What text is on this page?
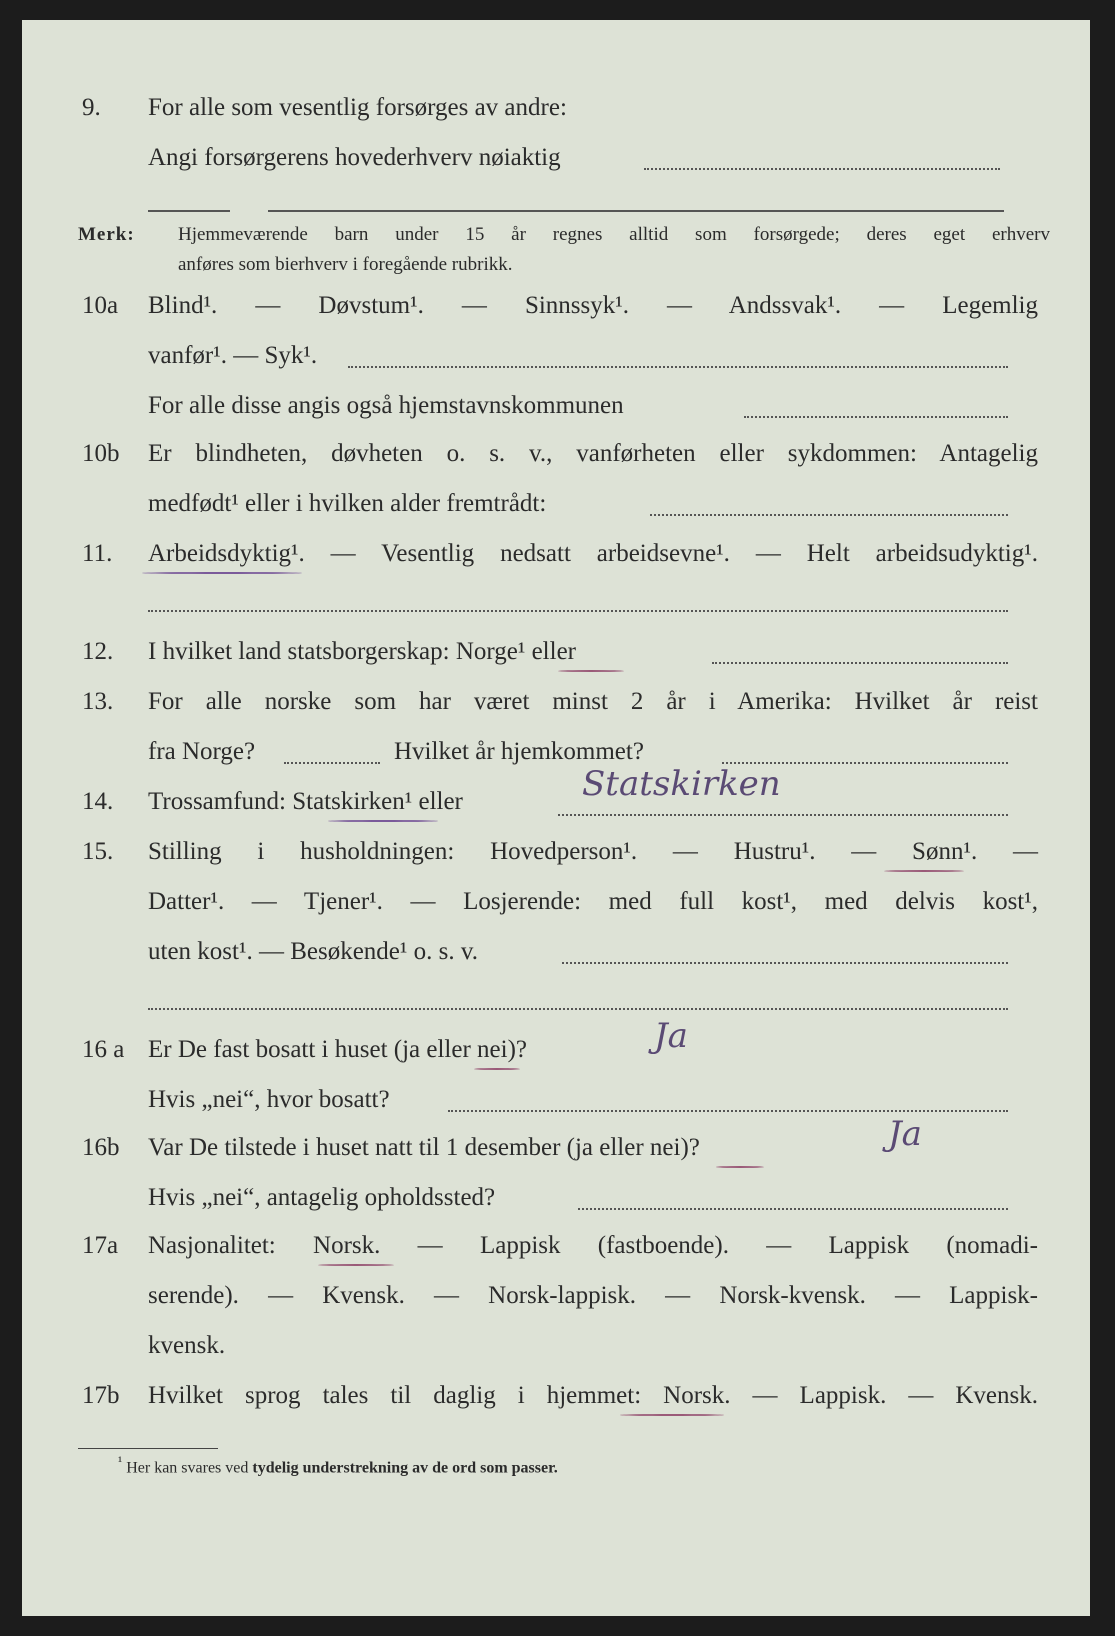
9. For alle som vesentlig forsørges av andre:
Angi forsørgerens hovederhverv nøiaktig
Merk: Hjemmeværende barn under 15 år regnes alltid som forsørgede; deres eget erhverv
anføres som bierhverv i foregående rubrikk.
10a Blind¹. — Døvstum¹. — Sinnssyk¹. — Andssvak¹. — Legemlig
vanfør¹. — Syk¹.
For alle disse angis også hjemstavnskommunen
10b Er blindheten, døvheten o. s. v., vanførheten eller sykdommen: Antagelig
medfødt¹ eller i hvilken alder fremtrådt:
11. Arbeidsdyktig¹. — Vesentlig nedsatt arbeidsevne¹. — Helt arbeidsudyktig¹.
12. I hvilket land statsborgerskap: Norge¹ eller
13. For alle norske som har været minst 2 år i Amerika: Hvilket år reist
fra Norge?	Hvilket år hjemkommet?
14. Trossamfund: Statskirken¹ eller	Statskirken
15. Stilling i husholdningen: Hovedperson¹. — Hustru¹. — Sønn¹. —
Datter¹. — Tjener¹. — Losjerende: med full kost¹, med delvis kost¹,
uten kost¹. — Besøkende¹ o. s. v.
16 a Er De fast bosatt i huset (ja eller nei)?	Ja
Hvis „nei“, hvor bosatt?
16b Var De tilstede i huset natt til 1 desember (ja eller nei)?	Ja
Hvis „nei“, antagelig opholdssted?
17a Nasjonalitet: Norsk. — Lappisk (fastboende). — Lappisk (nomadi-
serende). — Kvensk. — Norsk-lappisk. — Norsk-kvensk. — Lappisk-
kvensk.
17b Hvilket sprog tales til daglig i hjemmet: Norsk. — Lappisk. — Kvensk.
¹ Her kan svares ved tydelig understrekning av de ord som passer.
